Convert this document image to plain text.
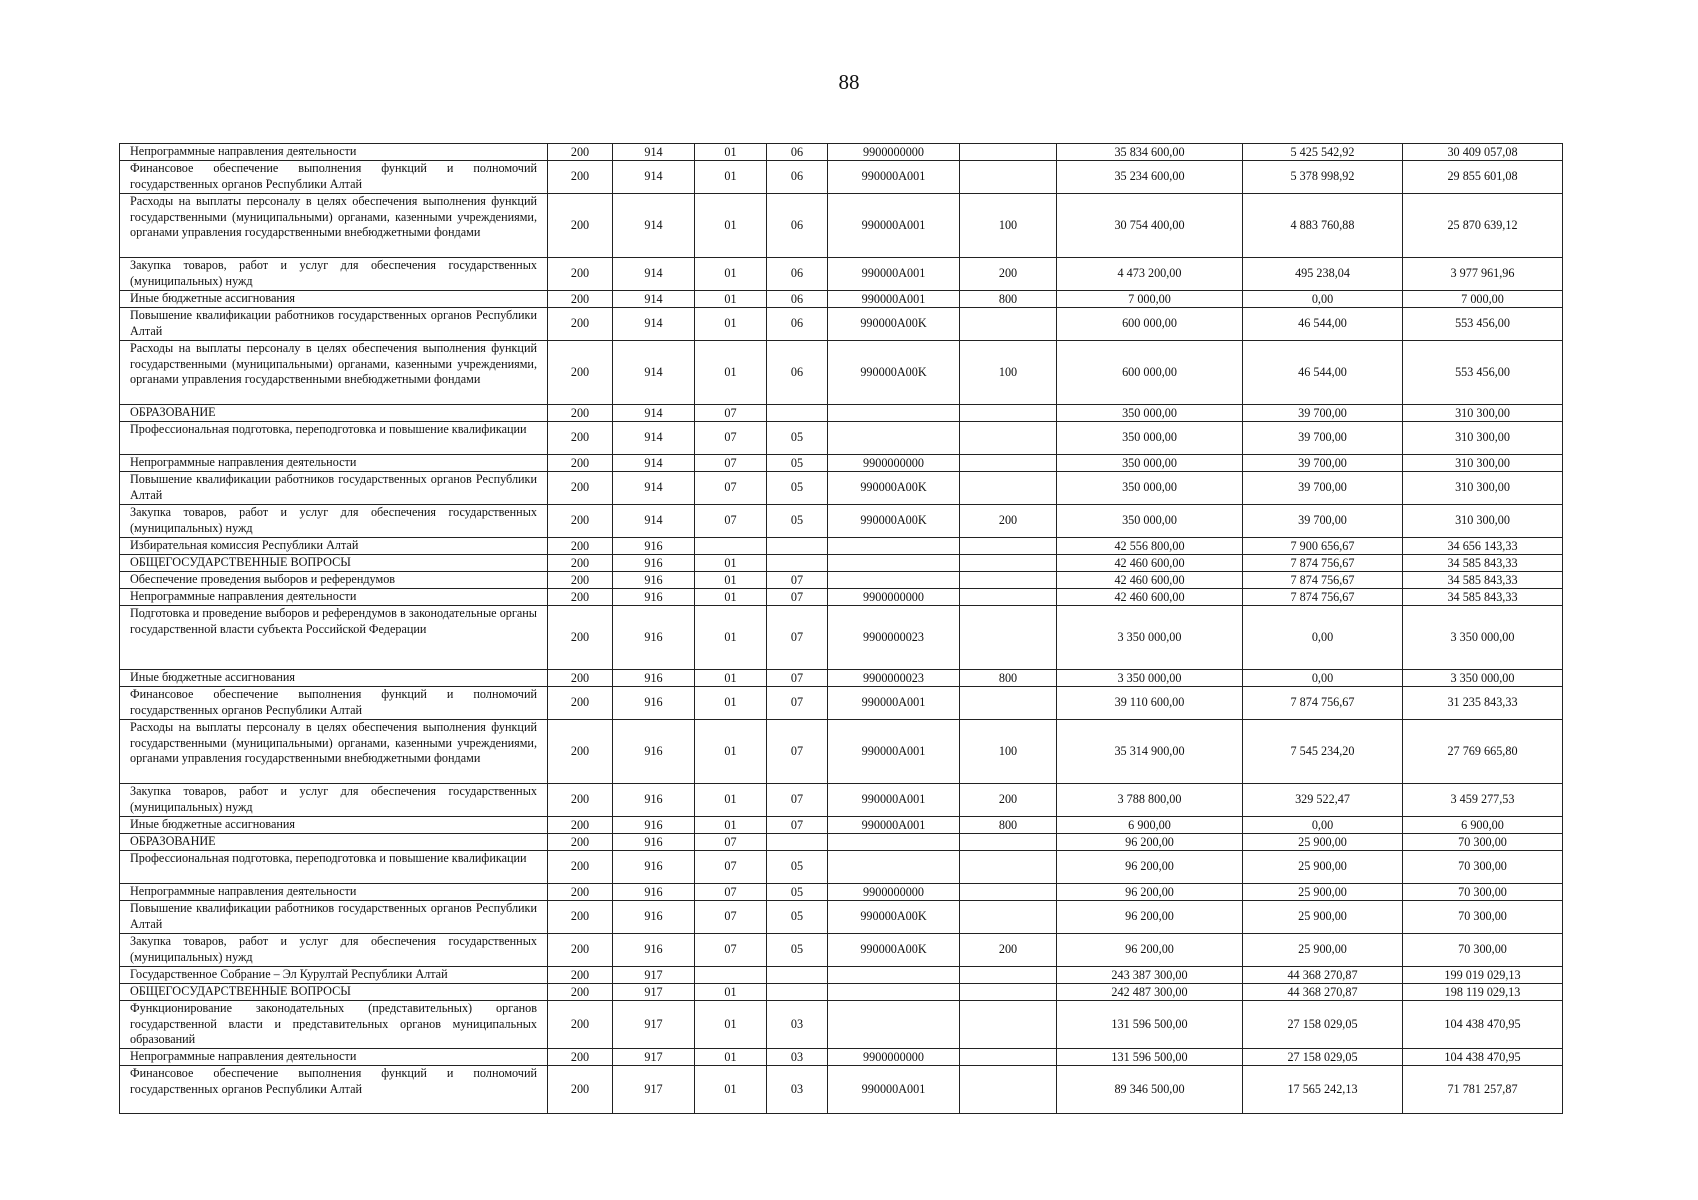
88
Непрограммные направления деятельности	200	914	01	06	9900000000		35 834 600,00	5 425 542,92	30 409 057,08
Финансовое обеспечение выполнения функций и полномочий государственных органов Республики Алтай	200	914	01	06	990000A001		35 234 600,00	5 378 998,92	29 855 601,08
Расходы на выплаты персоналу в целях обеспечения выполнения функций государственными (муниципальными) органами, казенными учреждениями, органами управления государственными внебюджетными фондами	200	914	01	06	990000A001	100	30 754 400,00	4 883 760,88	25 870 639,12
Закупка товаров, работ и услуг для обеспечения государственных (муниципальных) нужд	200	914	01	06	990000A001	200	4 473 200,00	495 238,04	3 977 961,96
Иные бюджетные ассигнования	200	914	01	06	990000A001	800	7 000,00	0,00	7 000,00
Повышение квалификации работников государственных органов Республики Алтай	200	914	01	06	990000A00K		600 000,00	46 544,00	553 456,00
Расходы на выплаты персоналу в целях обеспечения выполнения функций государственными (муниципальными) органами, казенными учреждениями, органами управления государственными внебюджетными фондами	200	914	01	06	990000A00K	100	600 000,00	46 544,00	553 456,00
ОБРАЗОВАНИЕ	200	914	07				350 000,00	39 700,00	310 300,00
Профессиональная подготовка, переподготовка и повышение квалификации	200	914	07	05			350 000,00	39 700,00	310 300,00
Непрограммные направления деятельности	200	914	07	05	9900000000		350 000,00	39 700,00	310 300,00
Повышение квалификации работников государственных органов Республики Алтай	200	914	07	05	990000A00K		350 000,00	39 700,00	310 300,00
Закупка товаров, работ и услуг для обеспечения государственных (муниципальных) нужд	200	914	07	05	990000A00K	200	350 000,00	39 700,00	310 300,00
Избирательная комиссия Республики Алтай	200	916					42 556 800,00	7 900 656,67	34 656 143,33
ОБЩЕГОСУДАРСТВЕННЫЕ ВОПРОСЫ	200	916	01				42 460 600,00	7 874 756,67	34 585 843,33
Обеспечение проведения выборов и референдумов	200	916	01	07			42 460 600,00	7 874 756,67	34 585 843,33
Непрограммные направления деятельности	200	916	01	07	9900000000		42 460 600,00	7 874 756,67	34 585 843,33
Подготовка и проведение выборов и референдумов в законодательные органы государственной власти субъекта Российской Федерации	200	916	01	07	9900000023		3 350 000,00	0,00	3 350 000,00
Иные бюджетные ассигнования	200	916	01	07	9900000023	800	3 350 000,00	0,00	3 350 000,00
Финансовое обеспечение выполнения функций и полномочий государственных органов Республики Алтай	200	916	01	07	990000A001		39 110 600,00	7 874 756,67	31 235 843,33
Расходы на выплаты персоналу в целях обеспечения выполнения функций государственными (муниципальными) органами, казенными учреждениями, органами управления государственными внебюджетными фондами	200	916	01	07	990000A001	100	35 314 900,00	7 545 234,20	27 769 665,80
Закупка товаров, работ и услуг для обеспечения государственных (муниципальных) нужд	200	916	01	07	990000A001	200	3 788 800,00	329 522,47	3 459 277,53
Иные бюджетные ассигнования	200	916	01	07	990000A001	800	6 900,00	0,00	6 900,00
ОБРАЗОВАНИЕ	200	916	07				96 200,00	25 900,00	70 300,00
Профессиональная подготовка, переподготовка и повышение квалификации	200	916	07	05			96 200,00	25 900,00	70 300,00
Непрограммные направления деятельности	200	916	07	05	9900000000		96 200,00	25 900,00	70 300,00
Повышение квалификации работников государственных органов Республики Алтай	200	916	07	05	990000A00K		96 200,00	25 900,00	70 300,00
Закупка товаров, работ и услуг для обеспечения государственных (муниципальных) нужд	200	916	07	05	990000A00K	200	96 200,00	25 900,00	70 300,00
Государственное Собрание – Эл Курултай Республики Алтай	200	917					243 387 300,00	44 368 270,87	199 019 029,13
ОБЩЕГОСУДАРСТВЕННЫЕ ВОПРОСЫ	200	917	01				242 487 300,00	44 368 270,87	198 119 029,13
Функционирование законодательных (представительных) органов государственной власти и представительных органов муниципальных образований	200	917	01	03			131 596 500,00	27 158 029,05	104 438 470,95
Непрограммные направления деятельности	200	917	01	03	9900000000		131 596 500,00	27 158 029,05	104 438 470,95
Финансовое обеспечение выполнения функций и полномочий государственных органов Республики Алтай	200	917	01	03	990000A001		89 346 500,00	17 565 242,13	71 781 257,87
